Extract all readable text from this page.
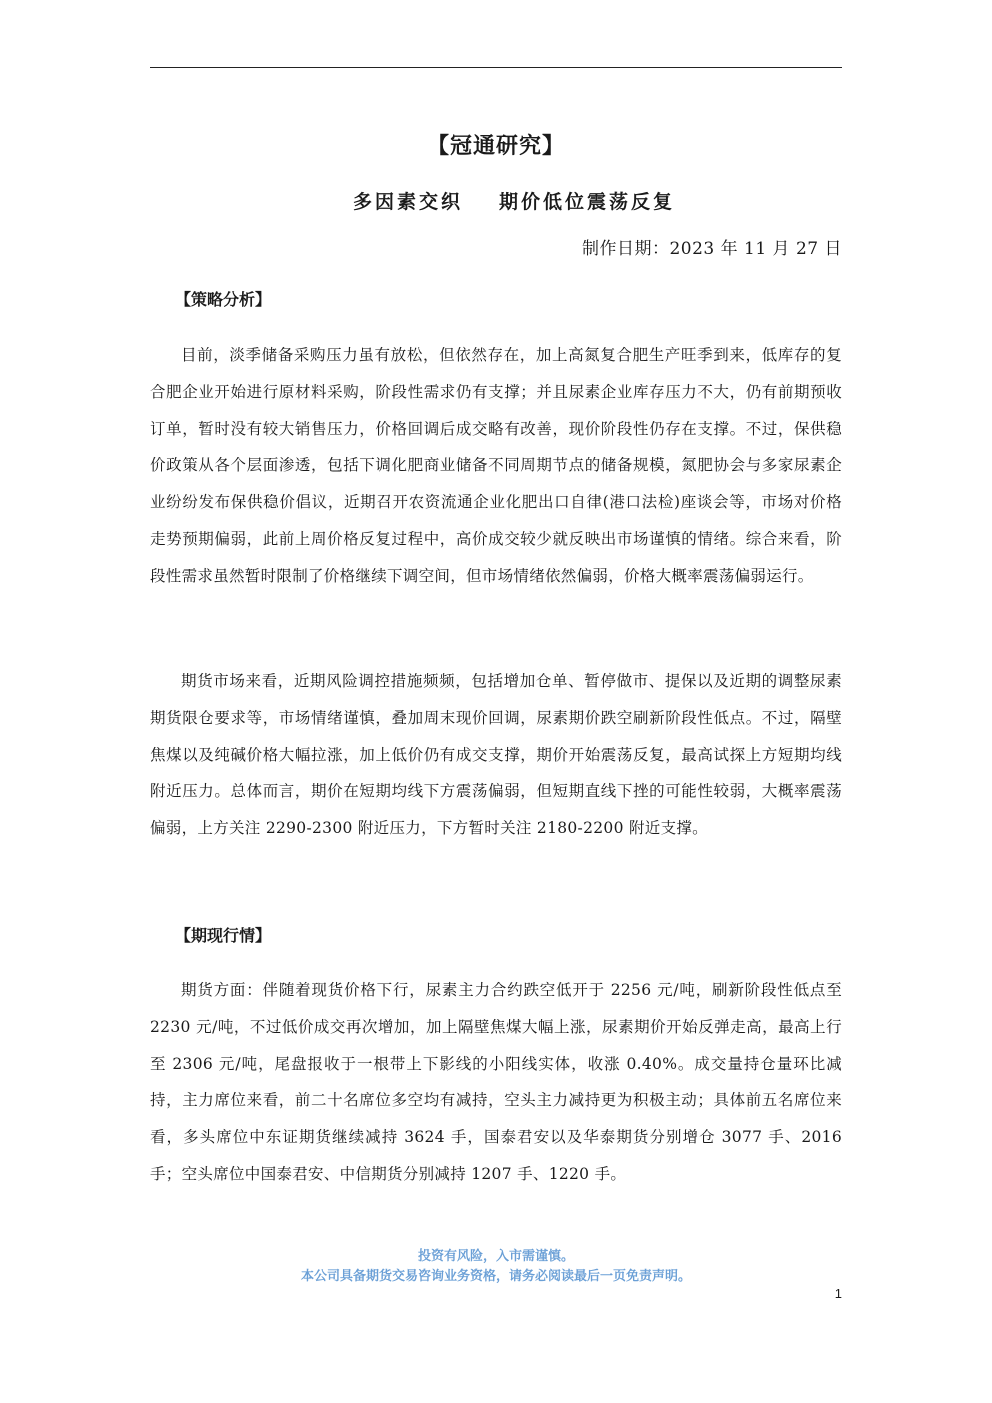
【冠通研究】
多因素交织 期价低位震荡反复
制作日期：2023 年 11 月 27 日
【策略分析】

目前，淡季储备采购压力虽有放松，但依然存在，加上高氮复合肥生产旺季到来，低库存的复合肥企业开始进行原材料采购，阶段性需求仍有支撑；并且尿素企业库存压力不大，仍有前期预收订单，暂时没有较大销售压力，价格回调后成交略有改善，现价阶段性仍存在支撑。不过，保供稳价政策从各个层面渗透，包括下调化肥商业储备不同周期节点的储备规模，氮肥协会与多家尿素企业纷纷发布保供稳价倡议，近期召开农资流通企业化肥出口自律(港口法检)座谈会等，市场对价格走势预期偏弱，此前上周价格反复过程中，高价成交较少就反映出市场谨慎的情绪。综合来看，阶段性需求虽然暂时限制了价格继续下调空间，但市场情绪依然偏弱，价格大概率震荡偏弱运行。

期货市场来看，近期风险调控措施频频，包括增加仓单、暂停做市、提保以及近期的调整尿素期货限仓要求等，市场情绪谨慎，叠加周末现价回调，尿素期价跌空刷新阶段性低点。不过，隔壁焦煤以及纯碱价格大幅拉涨，加上低价仍有成交支撑，期价开始震荡反复，最高试探上方短期均线附近压力。总体而言，期价在短期均线下方震荡偏弱，但短期直线下挫的可能性较弱，大概率震荡偏弱，上方关注 2290-2300 附近压力，下方暂时关注 2180-2200 附近支撑。

【期现行情】

期货方面：伴随着现货价格下行，尿素主力合约跌空低开于 2256 元/吨，刷新阶段性低点至 2230 元/吨，不过低价成交再次增加，加上隔壁焦煤大幅上涨，尿素期价开始反弹走高，最高上行至 2306 元/吨，尾盘报收于一根带上下影线的小阳线实体，收涨 0.40%。成交量持仓量环比减持，主力席位来看，前二十名席位多空均有减持，空头主力减持更为积极主动；具体前五名席位来看，多头席位中东证期货继续减持 3624 手，国泰君安以及华泰期货分别增仓 3077 手、2016 手；空头席位中国泰君安、中信期货分别减持 1207 手、1220 手。

投资有风险，入市需谨慎。
本公司具备期货交易咨询业务资格，请务必阅读最后一页免责声明。
1
